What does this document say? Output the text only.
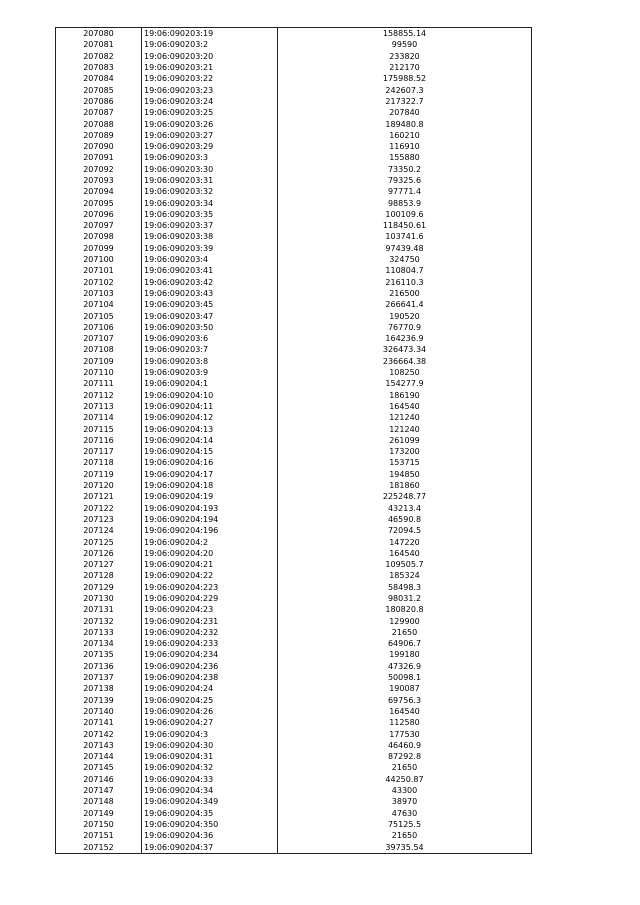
207080	19:06:090203:19	158855.14
207081	19:06:090203:2	99590
207082	19:06:090203:20	233820
207083	19:06:090203:21	212170
207084	19:06:090203:22	175988.52
207085	19:06:090203:23	242607.3
207086	19:06:090203:24	217322.7
207087	19:06:090203:25	207840
207088	19:06:090203:26	189480.8
207089	19:06:090203:27	160210
207090	19:06:090203:29	116910
207091	19:06:090203:3	155880
207092	19:06:090203:30	73350.2
207093	19:06:090203:31	79325.6
207094	19:06:090203:32	97771.4
207095	19:06:090203:34	98853.9
207096	19:06:090203:35	100109.6
207097	19:06:090203:37	118450.61
207098	19:06:090203:38	103741.6
207099	19:06:090203:39	97439.48
207100	19:06:090203:4	324750
207101	19:06:090203:41	110804.7
207102	19:06:090203:42	216110.3
207103	19:06:090203:43	216500
207104	19:06:090203:45	266641.4
207105	19:06:090203:47	190520
207106	19:06:090203:50	76770.9
207107	19:06:090203:6	164236.9
207108	19:06:090203:7	326473.34
207109	19:06:090203:8	236664.38
207110	19:06:090203:9	108250
207111	19:06:090204:1	154277.9
207112	19:06:090204:10	186190
207113	19:06:090204:11	164540
207114	19:06:090204:12	121240
207115	19:06:090204:13	121240
207116	19:06:090204:14	261099
207117	19:06:090204:15	173200
207118	19:06:090204:16	153715
207119	19:06:090204:17	194850
207120	19:06:090204:18	181860
207121	19:06:090204:19	225248.77
207122	19:06:090204:193	43213.4
207123	19:06:090204:194	46590.8
207124	19:06:090204:196	72094.5
207125	19:06:090204:2	147220
207126	19:06:090204:20	164540
207127	19:06:090204:21	109505.7
207128	19:06:090204:22	185324
207129	19:06:090204:223	58498.3
207130	19:06:090204:229	98031.2
207131	19:06:090204:23	180820.8
207132	19:06:090204:231	129900
207133	19:06:090204:232	21650
207134	19:06:090204:233	64906.7
207135	19:06:090204:234	199180
207136	19:06:090204:236	47326.9
207137	19:06:090204:238	50098.1
207138	19:06:090204:24	190087
207139	19:06:090204:25	69756.3
207140	19:06:090204:26	164540
207141	19:06:090204:27	112580
207142	19:06:090204:3	177530
207143	19:06:090204:30	46460.9
207144	19:06:090204:31	87292.8
207145	19:06:090204:32	21650
207146	19:06:090204:33	44250.87
207147	19:06:090204:34	43300
207148	19:06:090204:349	38970
207149	19:06:090204:35	47630
207150	19:06:090204:350	75125.5
207151	19:06:090204:36	21650
207152	19:06:090204:37	39735.54
